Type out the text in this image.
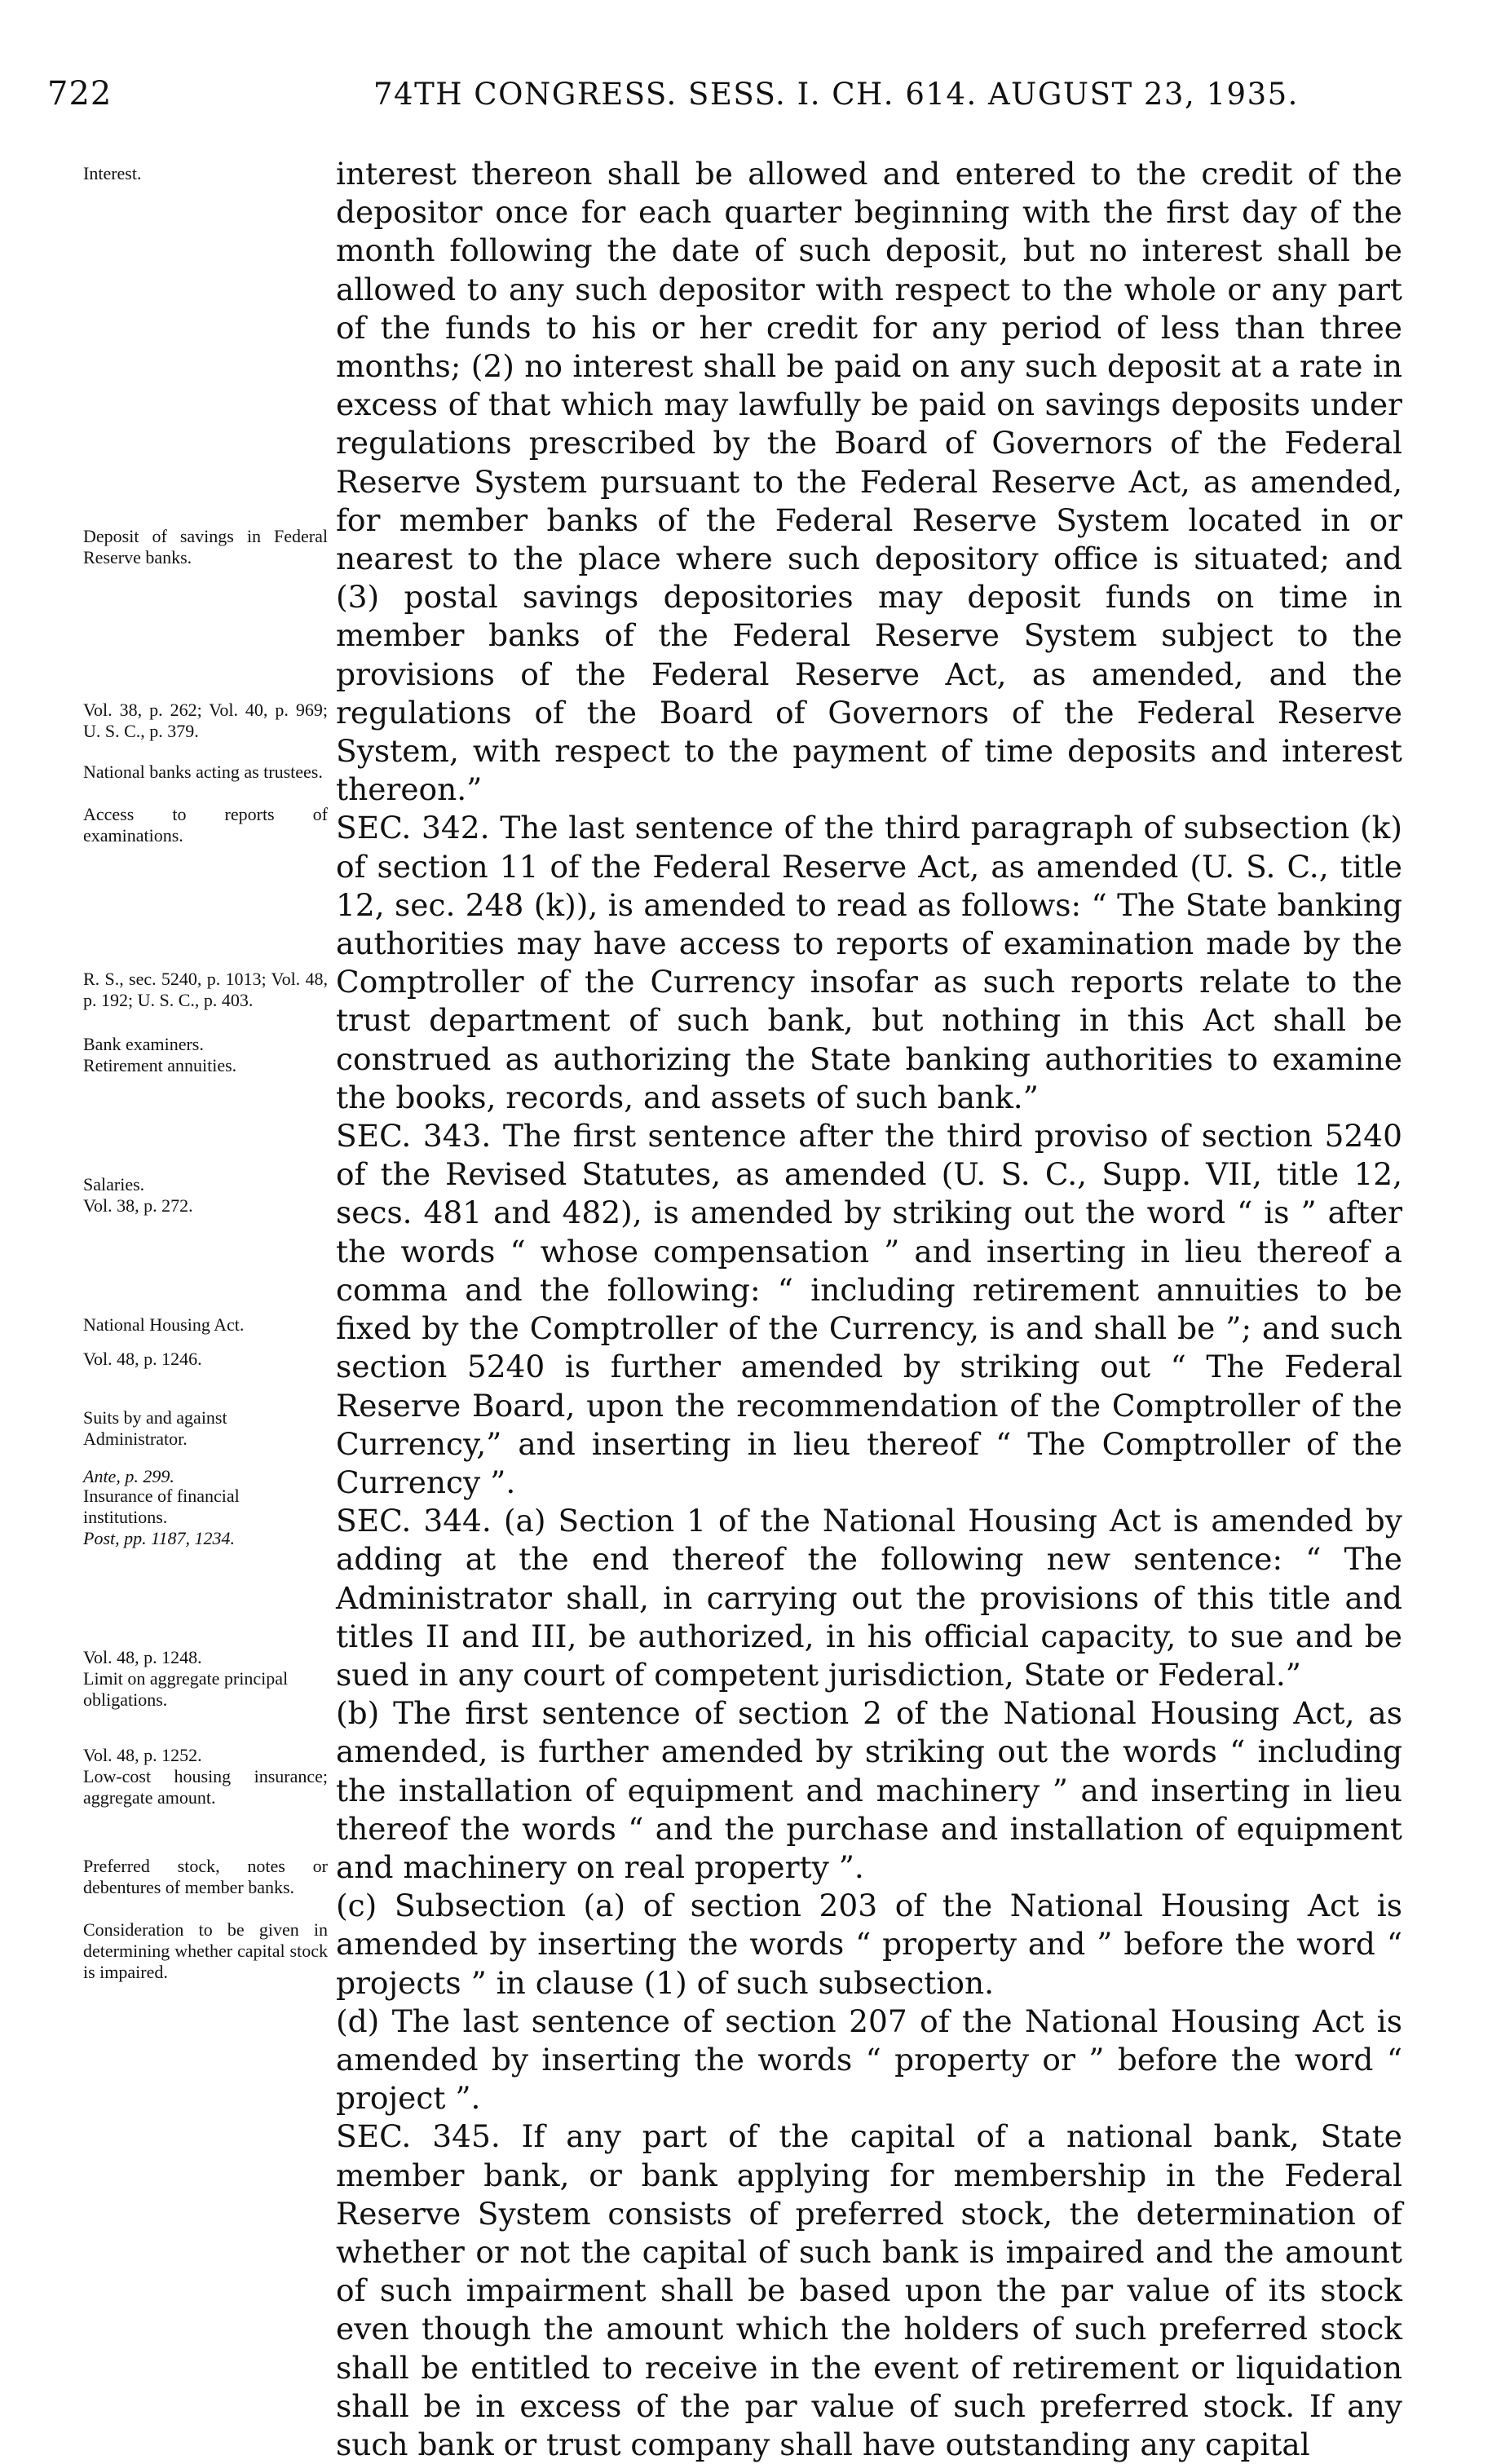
722	74TH CONGRESS. SESS. I. CH. 614. AUGUST 23, 1935.
Interest.
Deposit of savings in Federal Reserve banks.
Vol. 38, p. 262; Vol. 40, p. 969; U. S. C., p. 379.
National banks acting as trustees.
Access to reports of examinations.
R. S., sec. 5240, p. 1013; Vol. 48, p. 192; U. S. C., p. 403.
Bank examiners.
Retirement annuities.
Salaries.
Vol. 38, p. 272.
National Housing Act.
Vol. 48, p. 1246.
Suits by and against Administrator.
Ante, p. 299.
Insurance of financial institutions.
Post, pp. 1187, 1234.
Vol. 48, p. 1248.
Limit on aggregate principal obligations.
Vol. 48, p. 1252.
Low-cost housing insurance; aggregate amount.
Preferred stock, notes or debentures of member banks.
Consideration to be given in determining whether capital stock is impaired.

interest thereon shall be allowed and entered to the credit of the depositor once for each quarter beginning with the first day of the month following the date of such deposit, but no interest shall be allowed to any such depositor with respect to the whole or any part of the funds to his or her credit for any period of less than three months; (2) no interest shall be paid on any such deposit at a rate in excess of that which may lawfully be paid on savings deposits under regulations prescribed by the Board of Governors of the Federal Reserve System pursuant to the Federal Reserve Act, as amended, for member banks of the Federal Reserve System located in or nearest to the place where such depository office is situated; and (3) postal savings depositories may deposit funds on time in member banks of the Federal Reserve System subject to the provisions of the Federal Reserve Act, as amended, and the regulations of the Board of Governors of the Federal Reserve System, with respect to the payment of time deposits and interest thereon.”

SEC. 342. The last sentence of the third paragraph of subsection (k) of section 11 of the Federal Reserve Act, as amended (U. S. C., title 12, sec. 248 (k)), is amended to read as follows: “ The State banking authorities may have access to reports of examination made by the Comptroller of the Currency insofar as such reports relate to the trust department of such bank, but nothing in this Act shall be construed as authorizing the State banking authorities to examine the books, records, and assets of such bank.”

SEC. 343. The first sentence after the third proviso of section 5240 of the Revised Statutes, as amended (U. S. C., Supp. VII, title 12, secs. 481 and 482), is amended by striking out the word “ is ” after the words “ whose compensation ” and inserting in lieu thereof a comma and the following: “ including retirement annuities to be fixed by the Comptroller of the Currency, is and shall be ”; and such section 5240 is further amended by striking out “ The Federal Reserve Board, upon the recommendation of the Comptroller of the Currency,” and inserting in lieu thereof “ The Comptroller of the Currency ”.

SEC. 344. (a) Section 1 of the National Housing Act is amended by adding at the end thereof the following new sentence: “ The Administrator shall, in carrying out the provisions of this title and titles II and III, be authorized, in his official capacity, to sue and be sued in any court of competent jurisdiction, State or Federal.”

(b) The first sentence of section 2 of the National Housing Act, as amended, is further amended by striking out the words “ including the installation of equipment and machinery ” and inserting in lieu thereof the words “ and the purchase and installation of equipment and machinery on real property ”.

(c) Subsection (a) of section 203 of the National Housing Act is amended by inserting the words “ property and ” before the word “ projects ” in clause (1) of such subsection.

(d) The last sentence of section 207 of the National Housing Act is amended by inserting the words “ property or ” before the word “ project ”.

SEC. 345. If any part of the capital of a national bank, State member bank, or bank applying for membership in the Federal Reserve System consists of preferred stock, the determination of whether or not the capital of such bank is impaired and the amount of such impairment shall be based upon the par value of its stock even though the amount which the holders of such preferred stock shall be entitled to receive in the event of retirement or liquidation shall be in excess of the par value of such preferred stock. If any such bank or trust company shall have outstanding any capital
